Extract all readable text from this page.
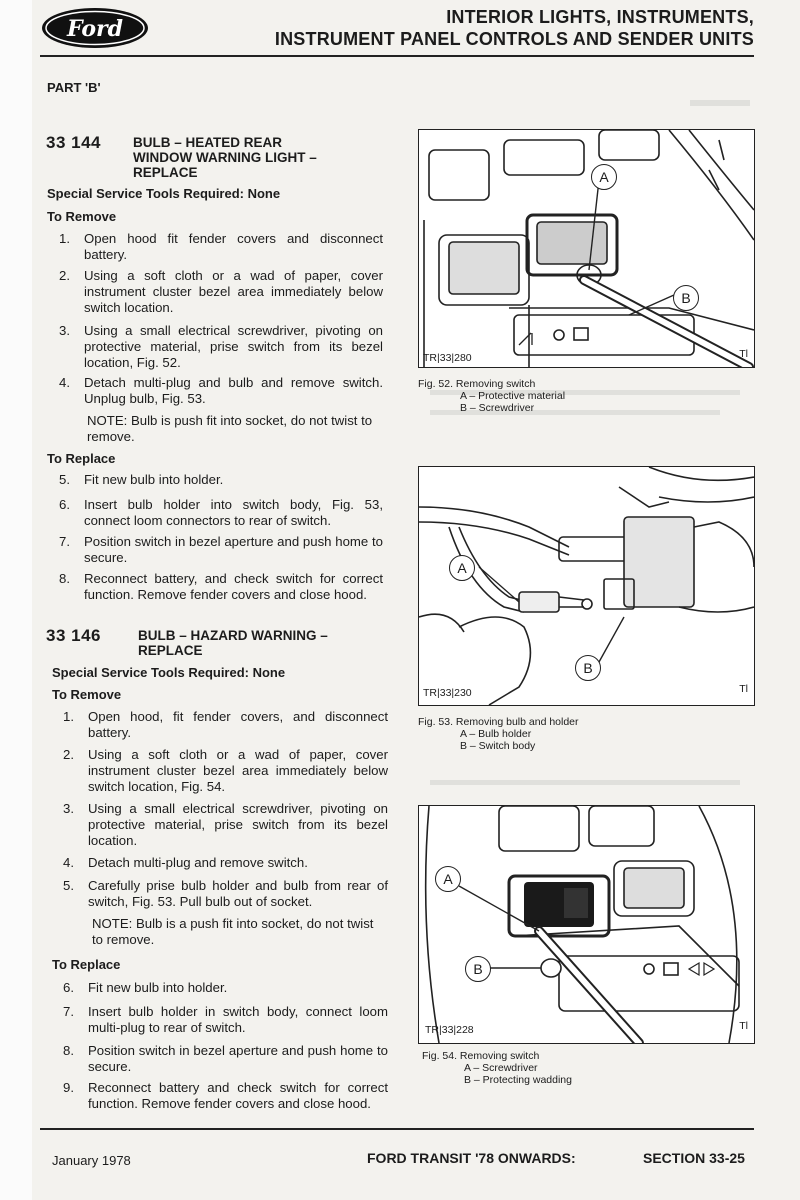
Ford	INTERIOR LIGHTS, INSTRUMENTS,
INSTRUMENT PANEL CONTROLS AND SENDER UNITS
PART 'B'
33 144 BULB – HEATED REAR
WINDOW WARNING LIGHT –
REPLACE
Special Service Tools Required: None
To Remove
1. Open hood fit fender covers and disconnect battery.
2. Using a soft cloth or a wad of paper, cover instrument cluster bezel area immediately below switch location.
3. Using a small electrical screwdriver, pivoting on protective material, prise switch from its bezel location, Fig. 52.
4. Detach multi-plug and bulb and remove switch. Unplug bulb, Fig. 53.
NOTE: Bulb is push fit into socket, do not twist to remove.
To Replace
5. Fit new bulb into holder.
6. Insert bulb holder into switch body, Fig. 53, connect loom connectors to rear of switch.
7. Position switch in bezel aperture and push home to secure.
8. Reconnect battery, and check switch for correct function. Remove fender covers and close hood.
33 146	BULB – HAZARD WARNING –
REPLACE
Special Service Tools Required: None
To Remove
1. Open hood, fit fender covers, and disconnect battery.
2. Using a soft cloth or a wad of paper, cover instrument cluster bezel area immediately below switch location, Fig. 54.
3. Using a small electrical screwdriver, pivoting on protective material, prise switch from its bezel location.
4. Detach multi-plug and remove switch.
5. Carefully prise bulb holder and bulb from rear of switch, Fig. 53. Pull bulb out of socket.
NOTE: Bulb is a push fit into socket, do not twist to remove.
To Replace
6. Fit new bulb into holder.
7. Insert bulb holder in switch body, connect loom multi-plug to rear of switch.
8. Position switch in bezel aperture and push home to secure.
9. Reconnect battery and check switch for correct function. Remove fender covers and close hood.
A
B
TR|33|280	Tl
Fig. 52. Removing switch
A – Protective material
B – Screwdriver
A
B
TR|33|230	Tl
Fig. 53. Removing bulb and holder
A – Bulb holder
B – Switch body
A
B
TR|33|228	Tl
Fig. 54. Removing switch
A – Screwdriver
B – Protecting wadding
January 1978	FORD TRANSIT '78 ONWARDS:	SECTION 33-25
